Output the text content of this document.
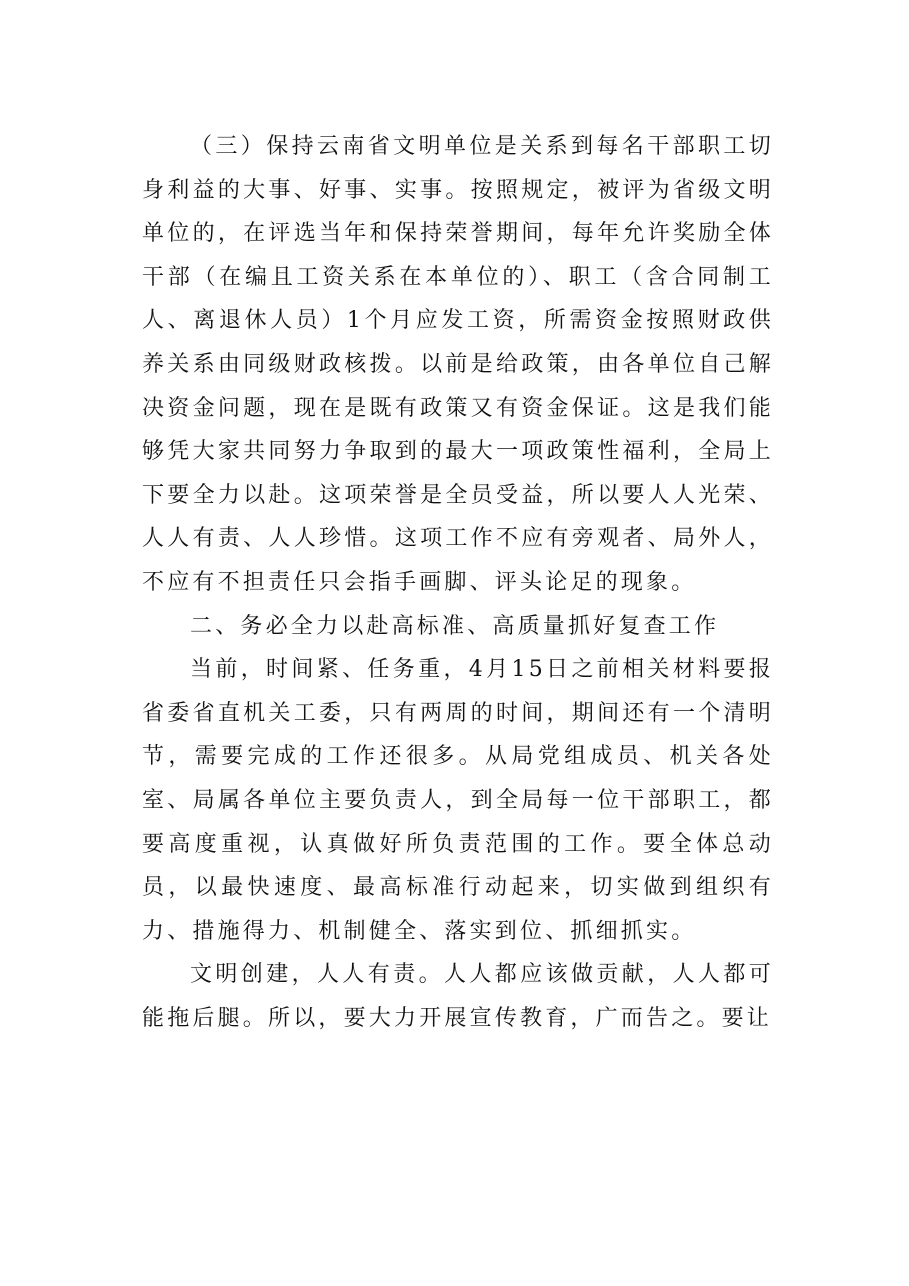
（三）保持云南省文明单位是关系到每名干部职工切身利益的大事、好事、实事。按照规定，被评为省级文明单位的，在评选当年和保持荣誉期间，每年允许奖励全体干部（在编且工资关系在本单位的）、职工（含合同制工人、离退休人员）1个月应发工资，所需资金按照财政供养关系由同级财政核拨。以前是给政策，由各单位自己解决资金问题，现在是既有政策又有资金保证。这是我们能够凭大家共同努力争取到的最大一项政策性福利，全局上下要全力以赴。这项荣誉是全员受益，所以要人人光荣、人人有责、人人珍惜。这项工作不应有旁观者、局外人，不应有不担责任只会指手画脚、评头论足的现象。

二、务必全力以赴高标准、高质量抓好复查工作

当前，时间紧、任务重，4月15日之前相关材料要报省委省直机关工委，只有两周的时间，期间还有一个清明节，需要完成的工作还很多。从局党组成员、机关各处室、局属各单位主要负责人，到全局每一位干部职工，都要高度重视，认真做好所负责范围的工作。要全体总动员，以最快速度、最高标准行动起来，切实做到组织有力、措施得力、机制健全、落实到位、抓细抓实。

文明创建，人人有责。人人都应该做贡献，人人都可能拖后腿。所以，要大力开展宣传教育，广而告之。要让
